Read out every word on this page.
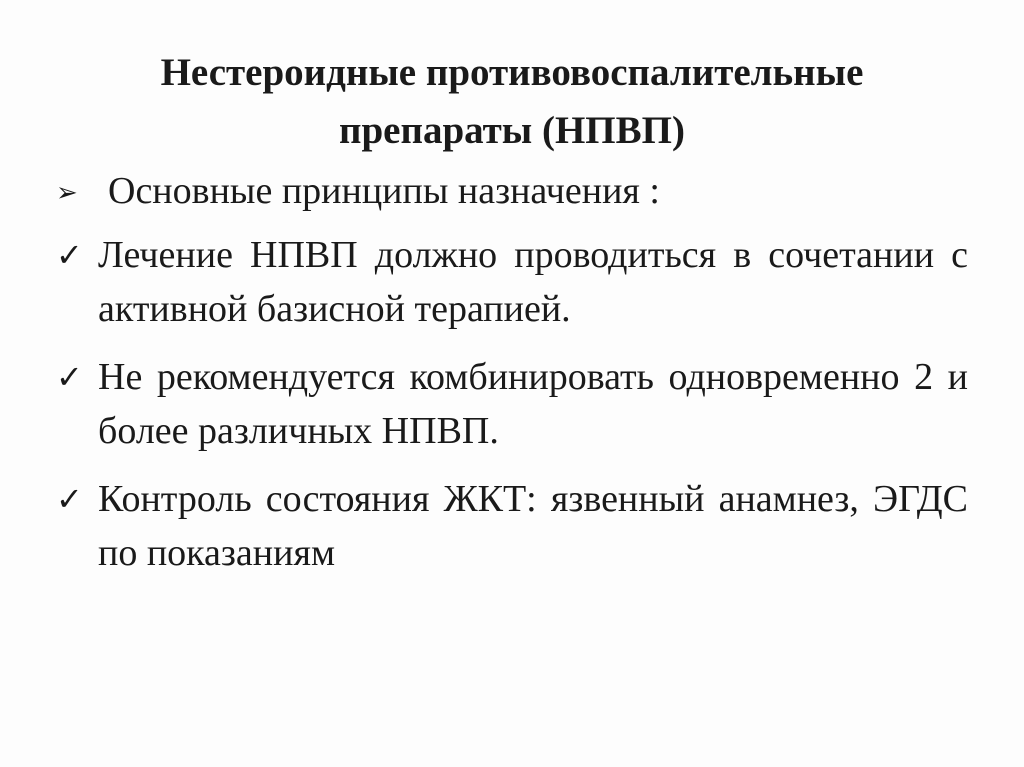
Нестероидные противовоспалительные
препараты (НПВП)
➢ Основные принципы назначения :
✓ Лечение НПВП должно проводиться в сочетании с активной базисной терапией.
✓ Не рекомендуется комбинировать одновременно 2 и более различных НПВП.
✓ Контроль состояния ЖКТ: язвенный анамнез, ЭГДС по показаниям
